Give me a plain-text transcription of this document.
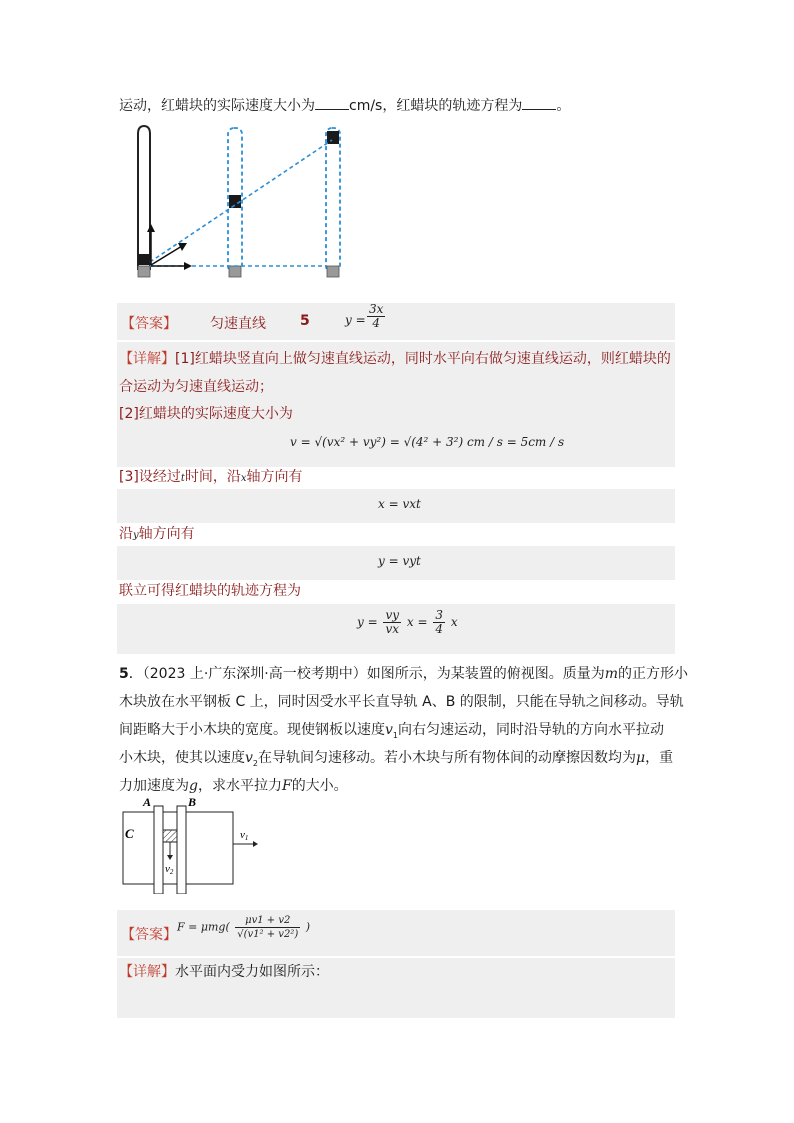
运动，红蜡块的实际速度大小为 cm/s，红蜡块的轨迹方程为 。
【答案】 匀速直线 5	$y = \frac{3x}{4}$
【详解】[1]红蜡块竖直向上做匀速直线运动，同时水平向右做匀速直线运动，则红蜡块的
合运动为匀速直线运动；
[2]红蜡块的实际速度大小为
v = √(vx² + vy²) = √(4² + 3²) cm / s = 5cm / s
[3]设经过t时间，沿x轴方向有
x = vxt
沿y轴方向有
y = vyt
联立可得红蜡块的轨迹方程为
$y = \frac{vy}{vx}$ $x = \frac{3}{4}$ x
5．（2023 上·广东深圳·高一校考期中）如图所示，为某装置的俯视图。质量为m的正方形小
木块放在水平钢板 C 上，同时因受水平长直导轨 A、B 的限制，只能在导轨之间移动。导轨
间距略大于小木块的宽度。现使钢板以速度$v_1$向右匀速运动，同时沿导轨的方向水平拉动
小木块，使其以速度$v_2$在导轨间匀速移动。若小木块与所有物体间的动摩擦因数均为μ，重
力加速度为g，求水平拉力F的大小。
A	B
C	v1
v2
【答案】 $F = \mu mg( \frac{\mu v1 + v2}{\text{√(v1² + v2²)}}$ )
【详解】水平面内受力如图所示：
